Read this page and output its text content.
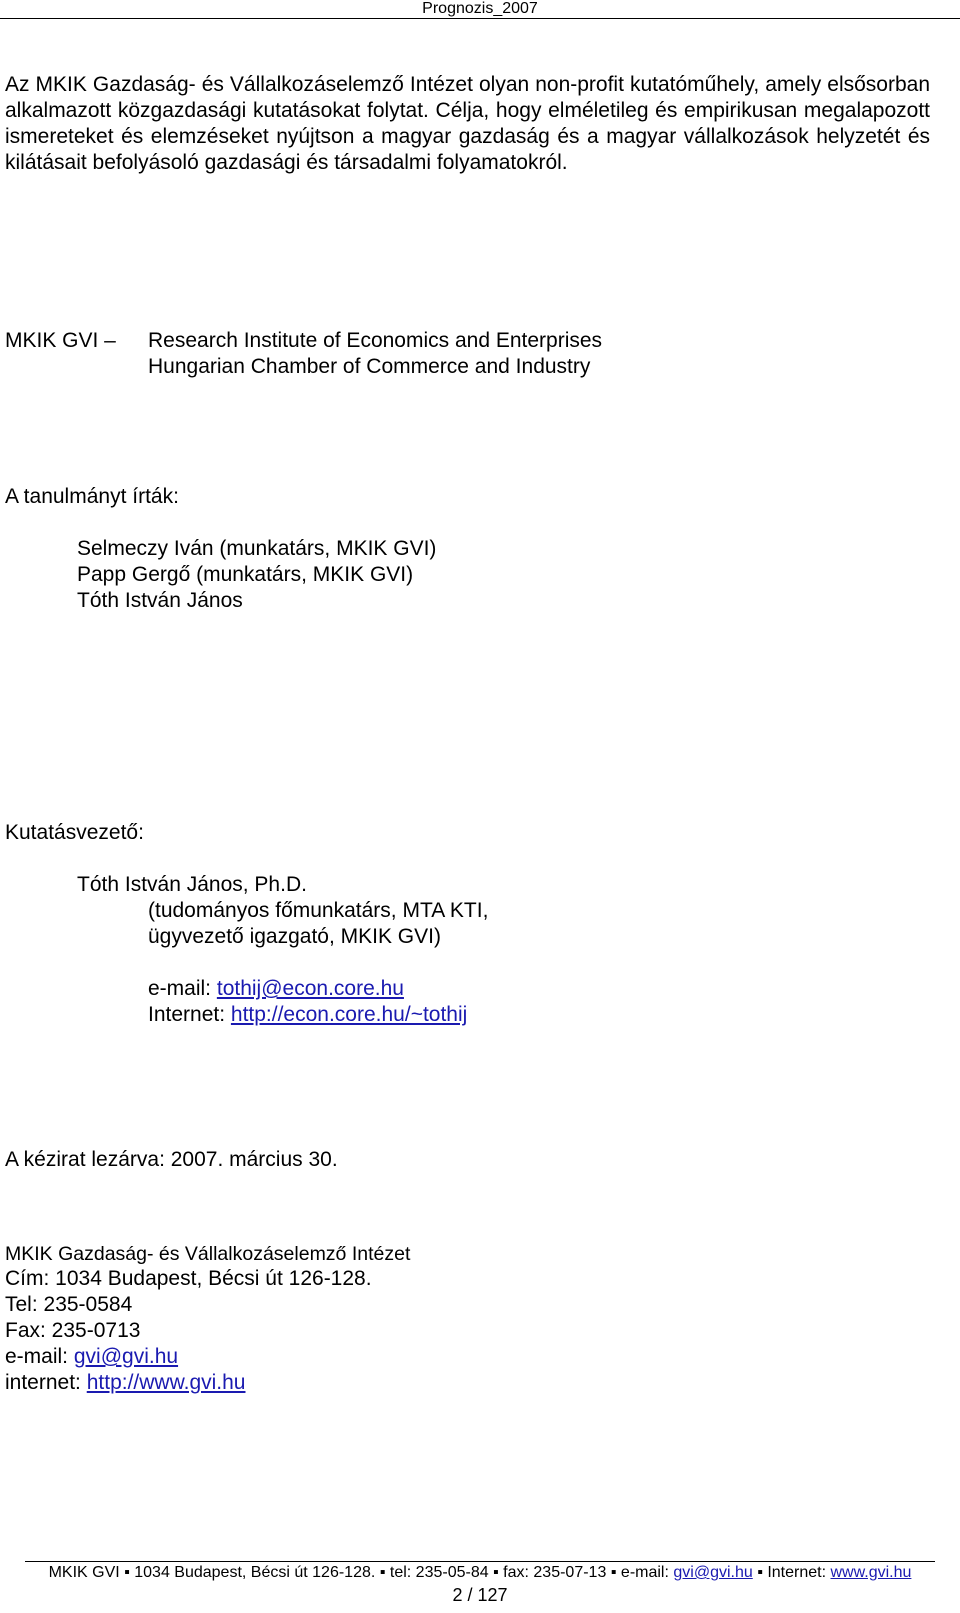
Prognozis_2007
Az MKIK Gazdaság- és Vállalkozáselemző Intézet olyan non-profit kutatóműhely, amely elsősorban alkalmazott közgazdasági kutatásokat folytat. Célja, hogy elméletileg és empirikusan megalapozott ismereteket és elemzéseket nyújtson a magyar gazdaság és a magyar vállalkozások helyzetét és kilátásait befolyásoló gazdasági és társadalmi folyamatokról.
MKIK GVI – Research Institute of Economics and Enterprises
Hungarian Chamber of Commerce and Industry
A tanulmányt írták:
Selmeczy Iván (munkatárs, MKIK GVI)
Papp Gergő (munkatárs, MKIK GVI)
Tóth István János
Kutatásvezető:
Tóth István János, Ph.D.
(tudományos főmunkatárs, MTA KTI,
ügyvezető igazgató, MKIK GVI)
e-mail: tothij@econ.core.hu
Internet: http://econ.core.hu/~tothij
A kézirat lezárva: 2007. március 30.
MKIK Gazdaság- és Vállalkozáselemző Intézet
Cím: 1034 Budapest, Bécsi út 126-128.
Tel: 235-0584
Fax: 235-0713
e-mail: gvi@gvi.hu
internet: http://www.gvi.hu
MKIK GVI ▪ 1034 Budapest, Bécsi út 126-128. ▪ tel: 235-05-84 ▪ fax: 235-07-13 ▪ e-mail: gvi@gvi.hu ▪ Internet: www.gvi.hu
2 / 127
